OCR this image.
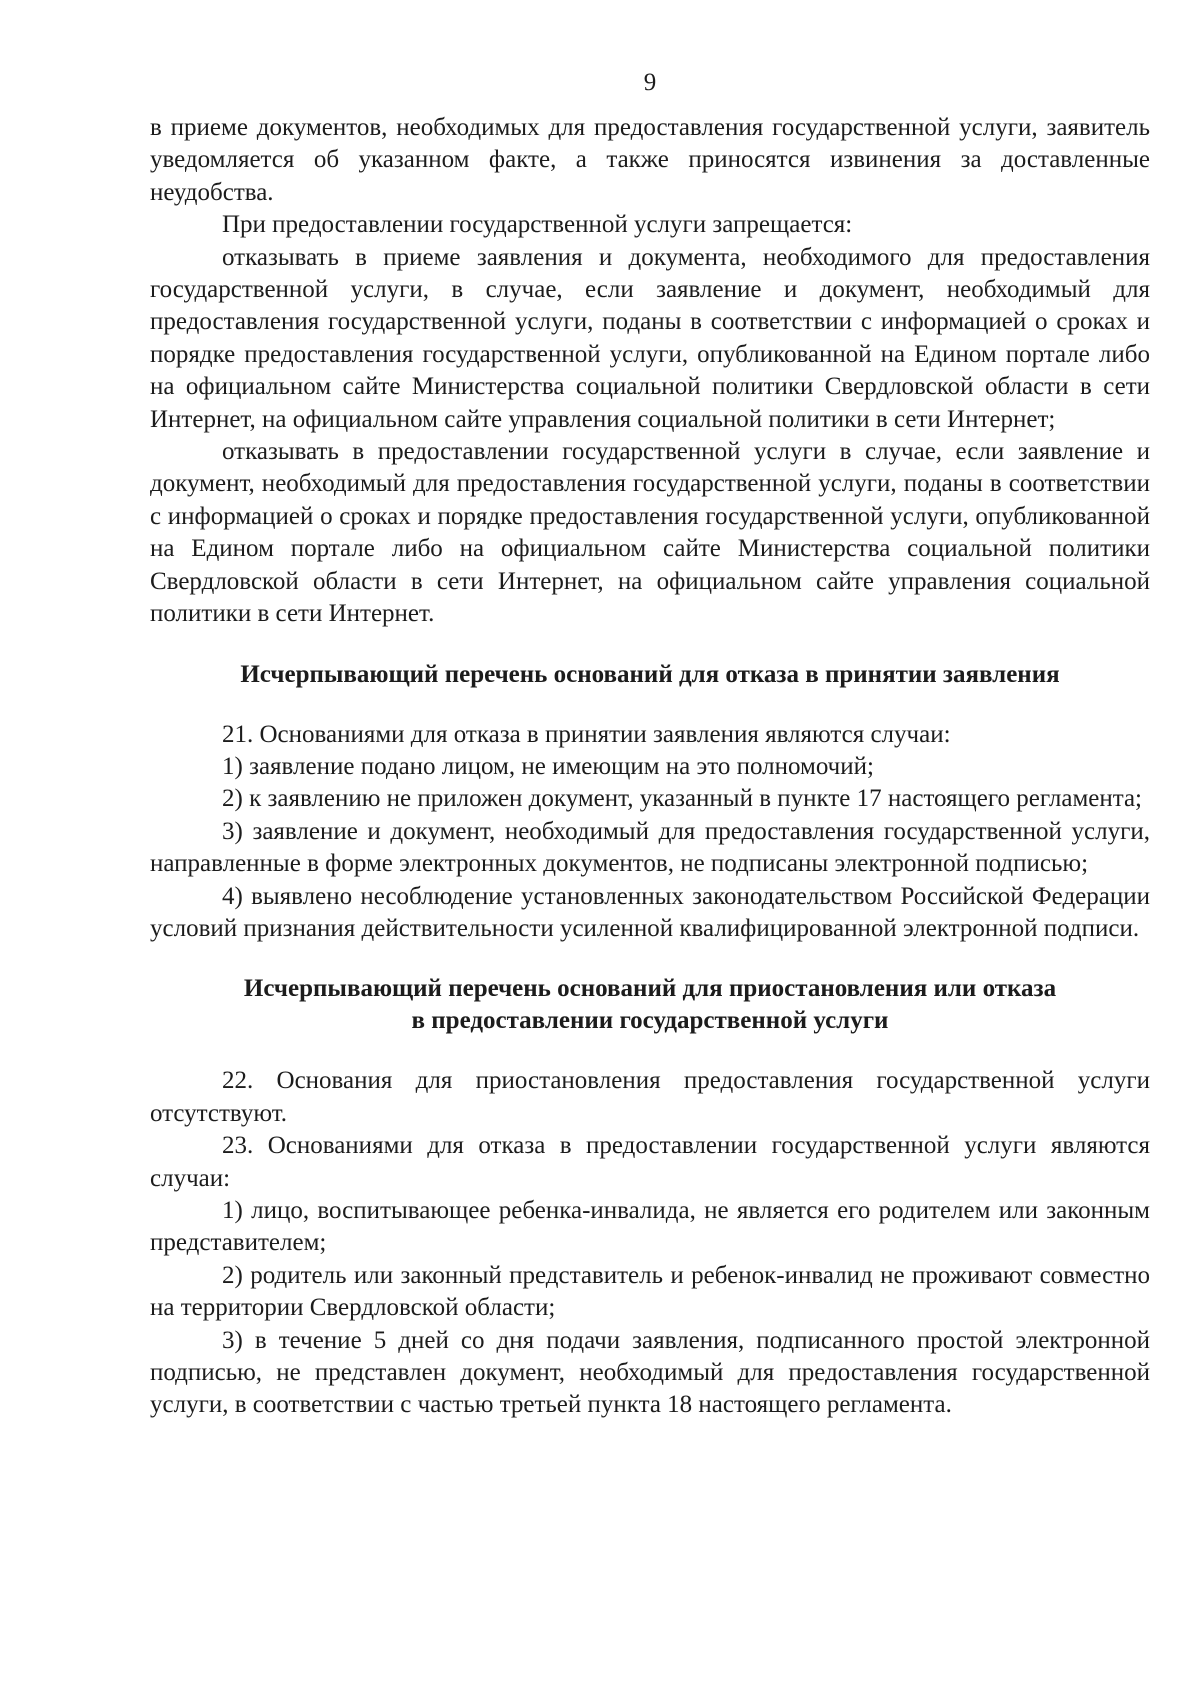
9

в приеме документов, необходимых для предоставления государственной услуги, заявитель уведомляется об указанном факте, а также приносятся извинения за доставленные неудобства.

При предоставлении государственной услуги запрещается:

отказывать в приеме заявления и документа, необходимого для предоставления государственной услуги, в случае, если заявление и документ, необходимый для предоставления государственной услуги, поданы в соответствии с информацией о сроках и порядке предоставления государственной услуги, опубликованной на Едином портале либо на официальном сайте Министерства социальной политики Свердловской области в сети Интернет, на официальном сайте управления социальной политики в сети Интернет;

отказывать в предоставлении государственной услуги в случае, если заявление и документ, необходимый для предоставления государственной услуги, поданы в соответствии с информацией о сроках и порядке предоставления государственной услуги, опубликованной на Едином портале либо на официальном сайте Министерства социальной политики Свердловской области в сети Интернет, на официальном сайте управления социальной политики в сети Интернет.

Исчерпывающий перечень оснований для отказа в принятии заявления

21. Основаниями для отказа в принятии заявления являются случаи:

1) заявление подано лицом, не имеющим на это полномочий;

2) к заявлению не приложен документ, указанный в пункте 17 настоящего регламента;

3) заявление и документ, необходимый для предоставления государственной услуги, направленные в форме электронных документов, не подписаны электронной подписью;

4) выявлено несоблюдение установленных законодательством Российской Федерации условий признания действительности усиленной квалифицированной электронной подписи.

Исчерпывающий перечень оснований для приостановления или отказа
в предоставлении государственной услуги

22. Основания для приостановления предоставления государственной услуги отсутствуют.

23. Основаниями для отказа в предоставлении государственной услуги являются случаи:

1) лицо, воспитывающее ребенка-инвалида, не является его родителем или законным представителем;

2) родитель или законный представитель и ребенок-инвалид не проживают совместно на территории Свердловской области;

3) в течение 5 дней со дня подачи заявления, подписанного простой электронной подписью, не представлен документ, необходимый для предоставления государственной услуги, в соответствии с частью третьей пункта 18 настоящего регламента.
